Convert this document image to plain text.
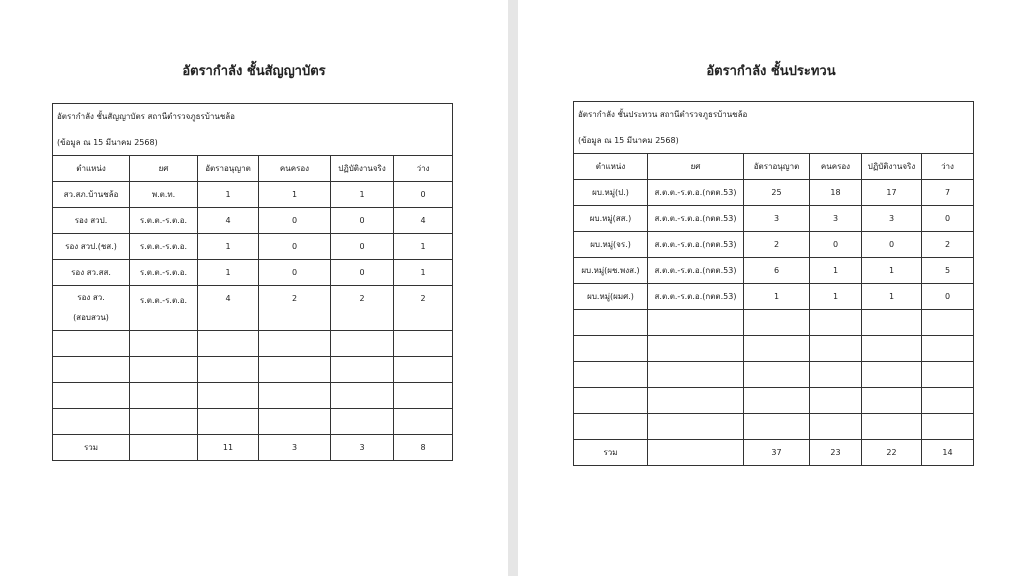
อัตรากำลัง ชั้นสัญญาบัตร
อัตรากำลัง ชั้นสัญญาบัตร สถานีตำรวจภูธรบ้านชล้อ					
(ข้อมูล ณ 15 มีนาคม 2568)					
ตำแหน่ง	ยศ	อัตราอนุญาต	คนครอง	ปฏิบัติงานจริง	ว่าง
สว.สภ.บ้านชล้อ	พ.ต.ท.	1	1	1	0
รอง สวป.	ร.ต.ต.-ร.ต.อ.	4	0	0	4
รอง สวป.(ชส.)	ร.ต.ต.-ร.ต.อ.	1	0	0	1
รอง สว.สส.	ร.ต.ต.-ร.ต.อ.	1	0	0	1

รอง สว.
(สอบสวน)	ร.ต.ต.-ร.ต.อ.	4	2	2	2

รวม		11	3	3	8
อัตรากำลัง ชั้นประทวน
อัตรากำลัง ชั้นประทวน สถานีตำรวจภูธรบ้านชล้อ					
(ข้อมูล ณ 15 มีนาคม 2568)					
ตำแหน่ง	ยศ	อัตราอนุญาต	คนครอง	ปฏิบัติงานจริง	ว่าง
ผบ.หมู่(ป.)	ส.ต.ต.-ร.ต.อ.(กตต.53)	25	18	17	7
ผบ.หมู่(สส.)	ส.ต.ต.-ร.ต.อ.(กตต.53)	3	3	3	0
ผบ.หมู่(จร.)	ส.ต.ต.-ร.ต.อ.(กตต.53)	2	0	0	2
ผบ.หมู่(ผช.พงส.)	ส.ต.ต.-ร.ต.อ.(กตต.53)	6	1	1	5
ผบ.หมู่(ผมศ.)	ส.ต.ต.-ร.ต.อ.(กตต.53)	1	1	1	0

รวม		37	23	22	14
